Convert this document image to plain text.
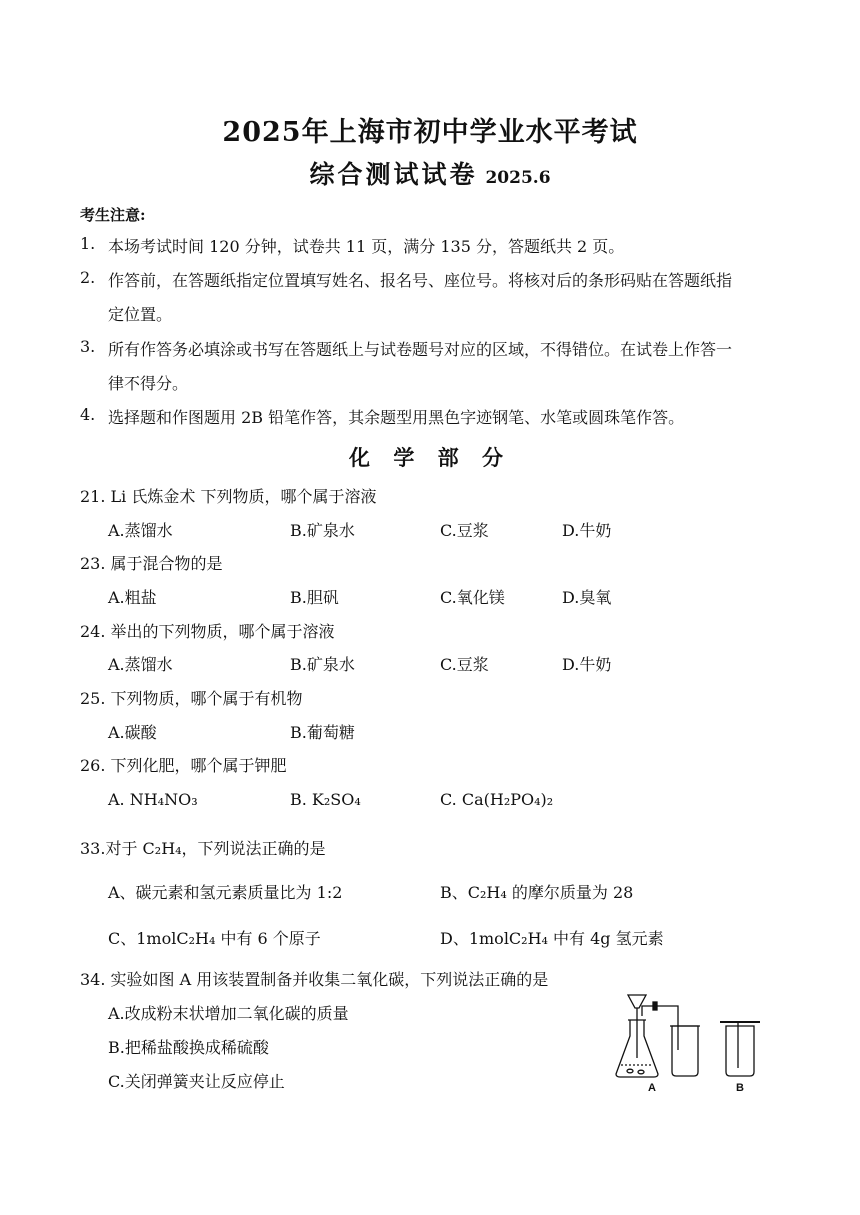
2025年上海市初中学业水平考试
综合测试试卷 2025.6
考生注意:
1. 本场考试时间 120 分钟，试卷共 11 页，满分 135 分，答题纸共 2 页。
2. 作答前，在答题纸指定位置填写姓名、报名号、座位号。将核对后的条形码贴在答题纸指
定位置。
3. 所有作答务必填涂或书写在答题纸上与试卷题号对应的区域，不得错位。在试卷上作答一
律不得分。
4. 选择题和作图题用 2B 铅笔作答，其余题型用黑色字迹钢笔、水笔或圆珠笔作答。
化 学 部 分
21. Li 氏炼金术 下列物质，哪个属于溶液
A.蒸馏水	B.矿泉水	C.豆浆	D.牛奶
23. 属于混合物的是
A.粗盐	B.胆矾	C.氧化镁	D.臭氧
24. 举出的下列物质，哪个属于溶液
A.蒸馏水	B.矿泉水	C.豆浆	D.牛奶
25. 下列物质，哪个属于有机物
A.碳酸	B.葡萄糖
26. 下列化肥，哪个属于钾肥
A. NH₄NO₃	B. K₂SO₄	C. Ca(H₂PO₄)₂
33.对于 C₂H₄，下列说法正确的是
A、碳元素和氢元素质量比为 1:2	B、C₂H₄ 的摩尔质量为 28
C、1molC₂H₄ 中有 6 个原子	D、1molC₂H₄ 中有 4g 氢元素
34. 实验如图 A 用该装置制备并收集二氧化碳，下列说法正确的是
A.改成粉末状增加二氧化碳的质量
B.把稀盐酸换成稀硫酸
C.关闭弹簧夹让反应停止	A	B
